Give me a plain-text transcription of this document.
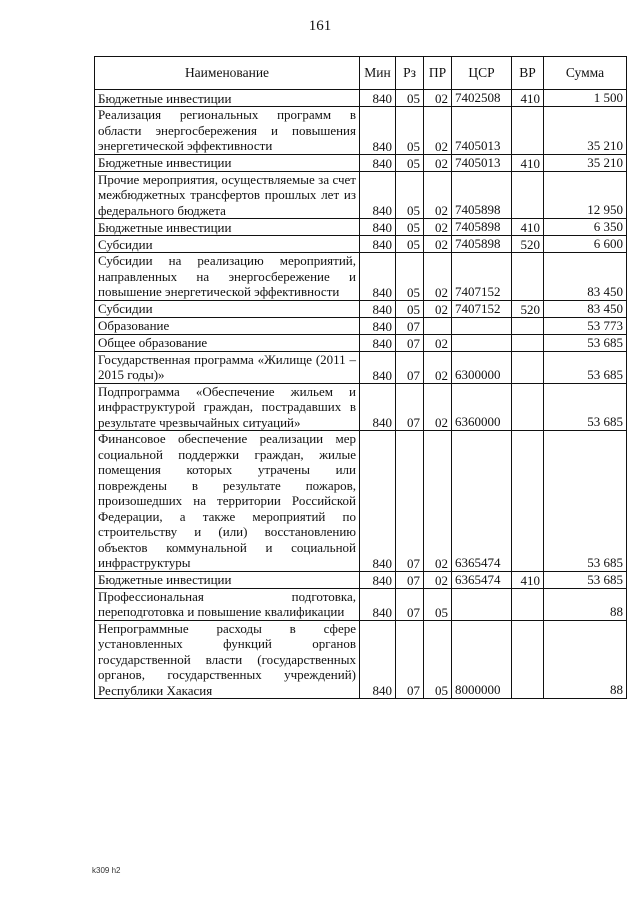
161
Наименование	Мин	Рз	ПР	ЦСР	ВР	Сумма
Бюджетные инвестиции	840	05	02	7402508	410	1 500
Реализация региональных программ в области энергосбережения и повышения энергетической эффективности	840	05	02	7405013		35 210
Бюджетные инвестиции	840	05	02	7405013	410	35 210
Прочие мероприятия, осуществляемые за счет межбюджетных трансфертов прошлых лет из федерального бюджета	840	05	02	7405898		12 950
Бюджетные инвестиции	840	05	02	7405898	410	6 350
Субсидии	840	05	02	7405898	520	6 600
Субсидии на реализацию мероприятий, направленных на энергосбережение и повышение энергетической эффективности	840	05	02	7407152		83 450
Субсидии	840	05	02	7407152	520	83 450
Образование	840	07				53 773
Общее образование	840	07	02			53 685
Государственная программа «Жилище (2011 – 2015 годы)»	840	07	02	6300000		53 685
Подпрограмма «Обеспечение жильем и инфраструктурой граждан, пострадавших в результате чрезвычайных ситуаций»	840	07	02	6360000		53 685
Финансовое обеспечение реализации мер социальной поддержки граждан, жилые помещения которых утрачены или повреждены в результате пожаров, произошедших на территории Российской Федерации, а также мероприятий по строительству и (или) восстановлению объектов коммунальной и социальной инфраструктуры	840	07	02	6365474		53 685
Бюджетные инвестиции	840	07	02	6365474	410	53 685
Профессиональная подготовка, переподготовка и повышение квалификации	840	07	05			88
Непрограммные расходы в сфере установленных функций органов государственной власти (государственных органов, государственных учреждений) Республики Хакасия	840	07	05	8000000		88
k309 h2
